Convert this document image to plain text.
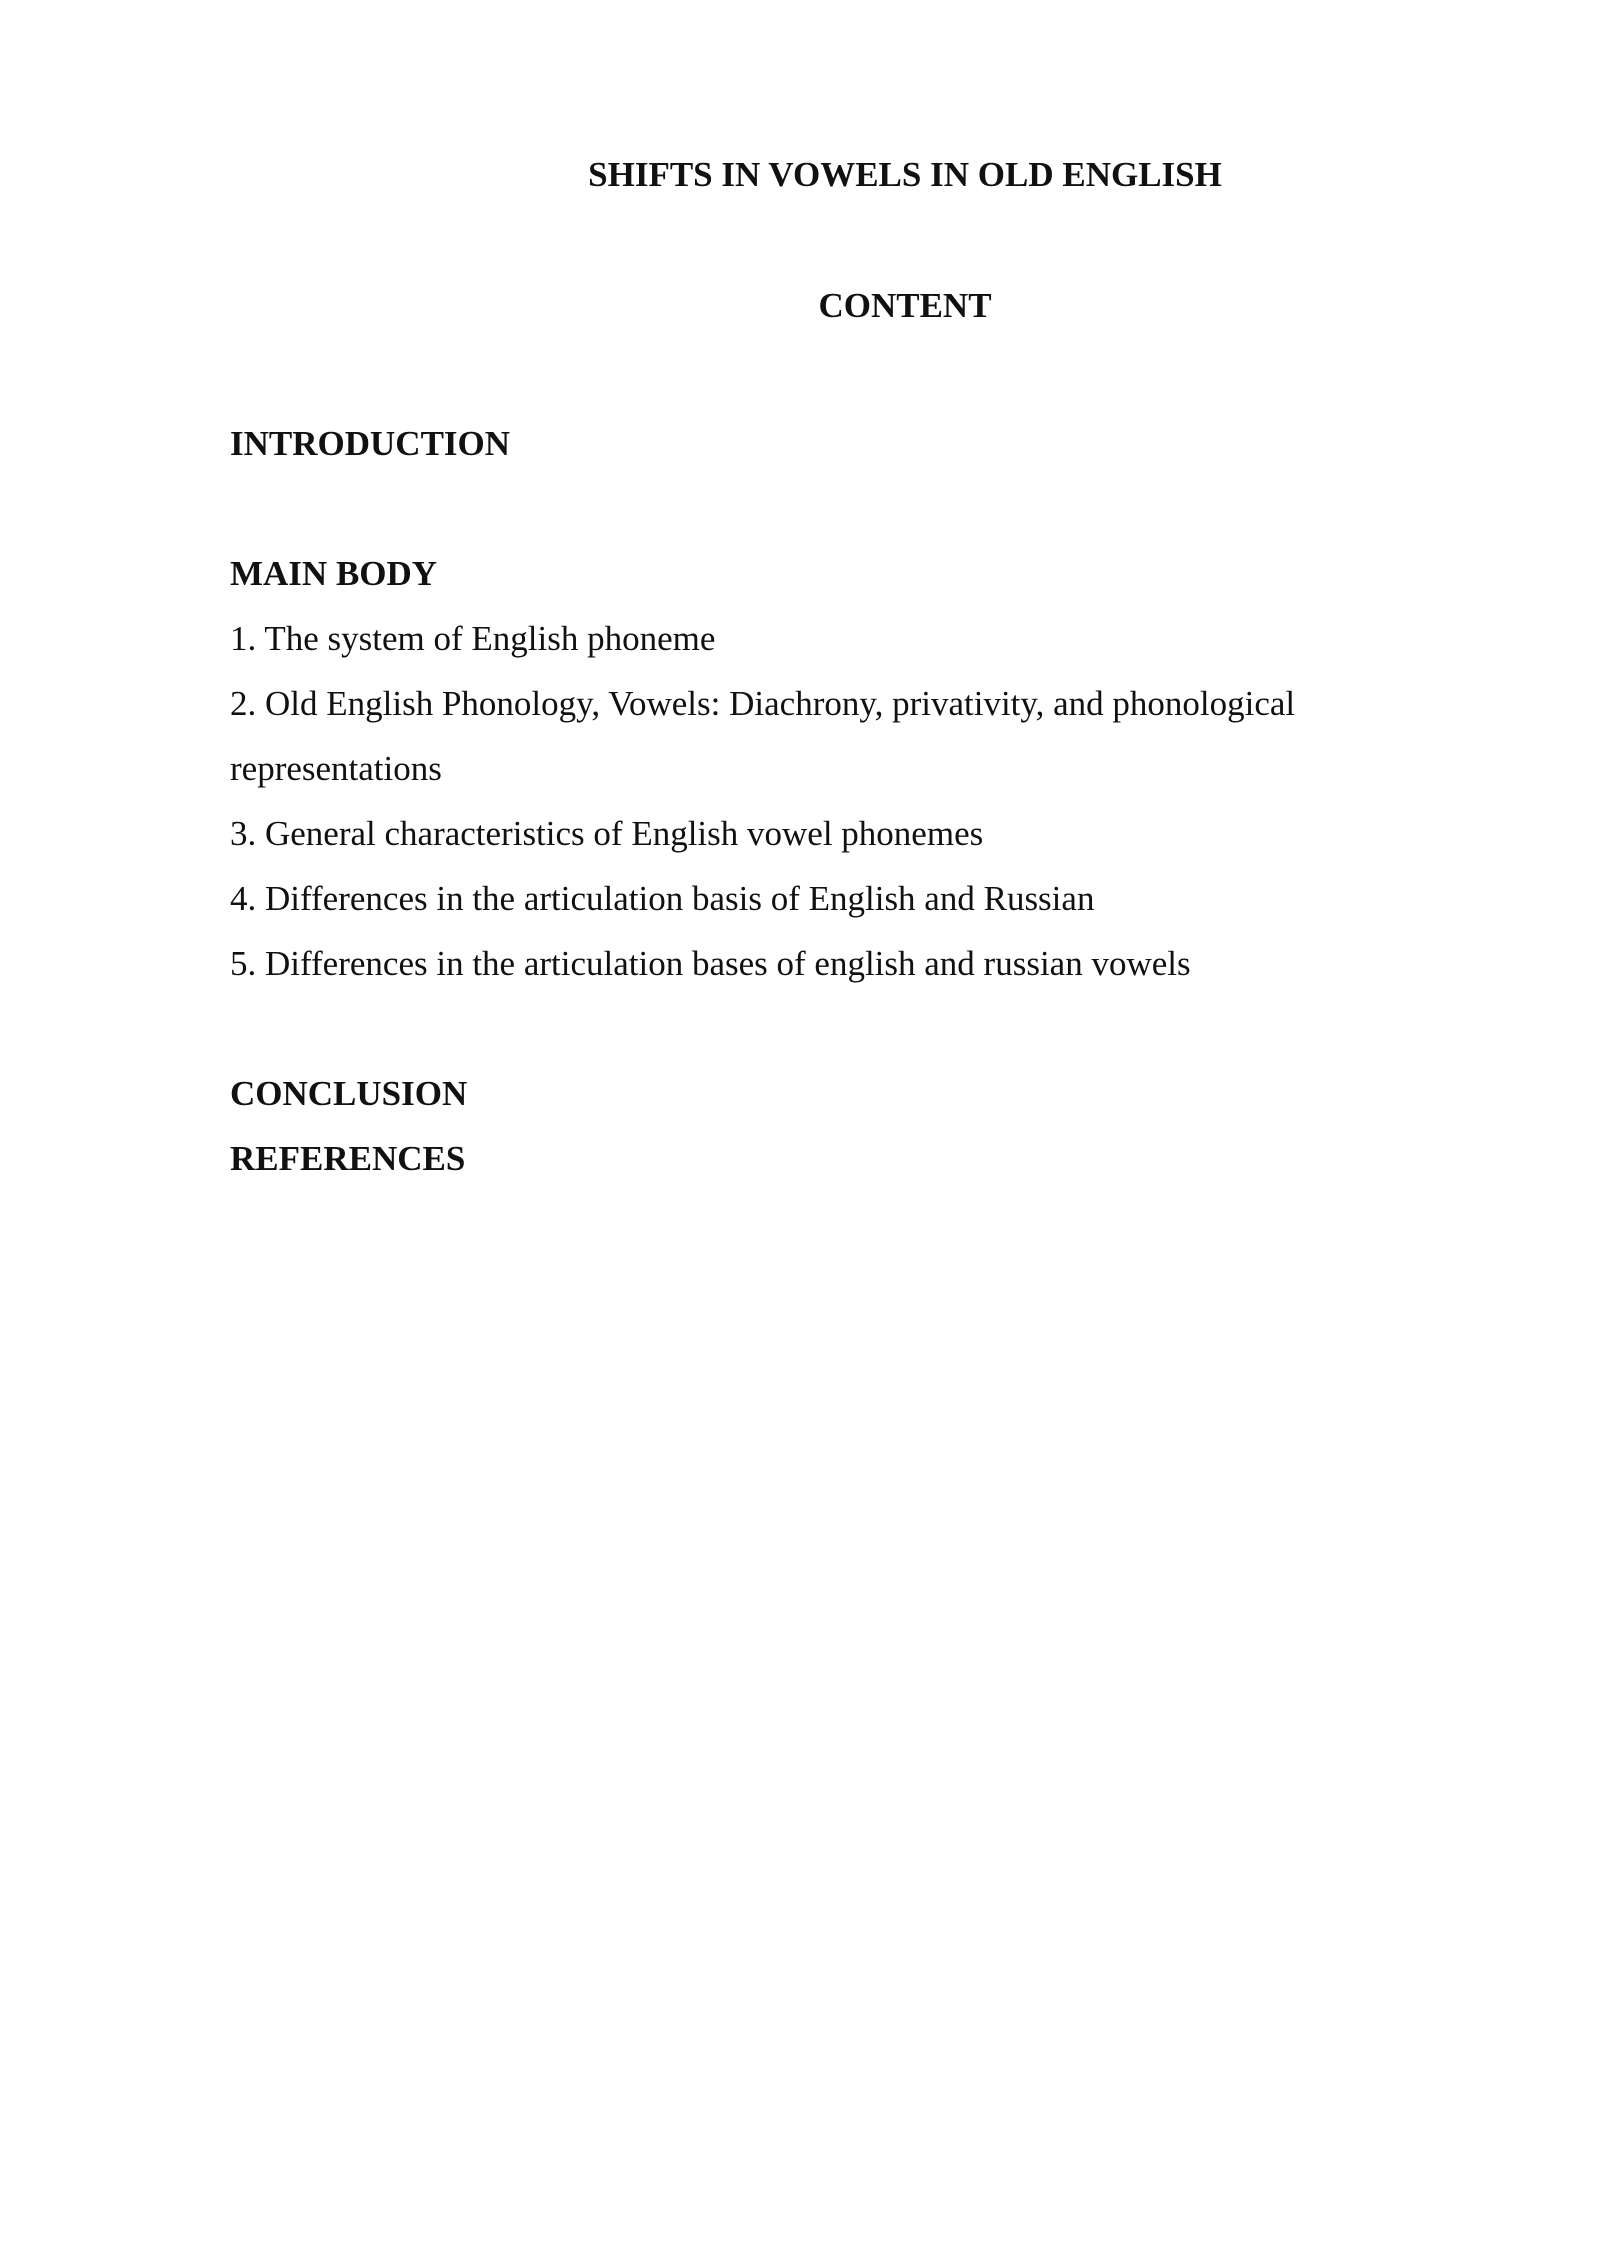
SHIFTS IN VOWELS IN OLD ENGLISH
CONTENT

INTRODUCTION

MAIN BODY

1. The system of English phoneme

2. Old English Phonology, Vowels: Diachrony, privativity, and phonological

representations

3. General characteristics of English vowel phonemes

4. Differences in the articulation basis of English and Russian

5. Differences in the articulation bases of english and russian vowels

CONCLUSION

REFERENCES
